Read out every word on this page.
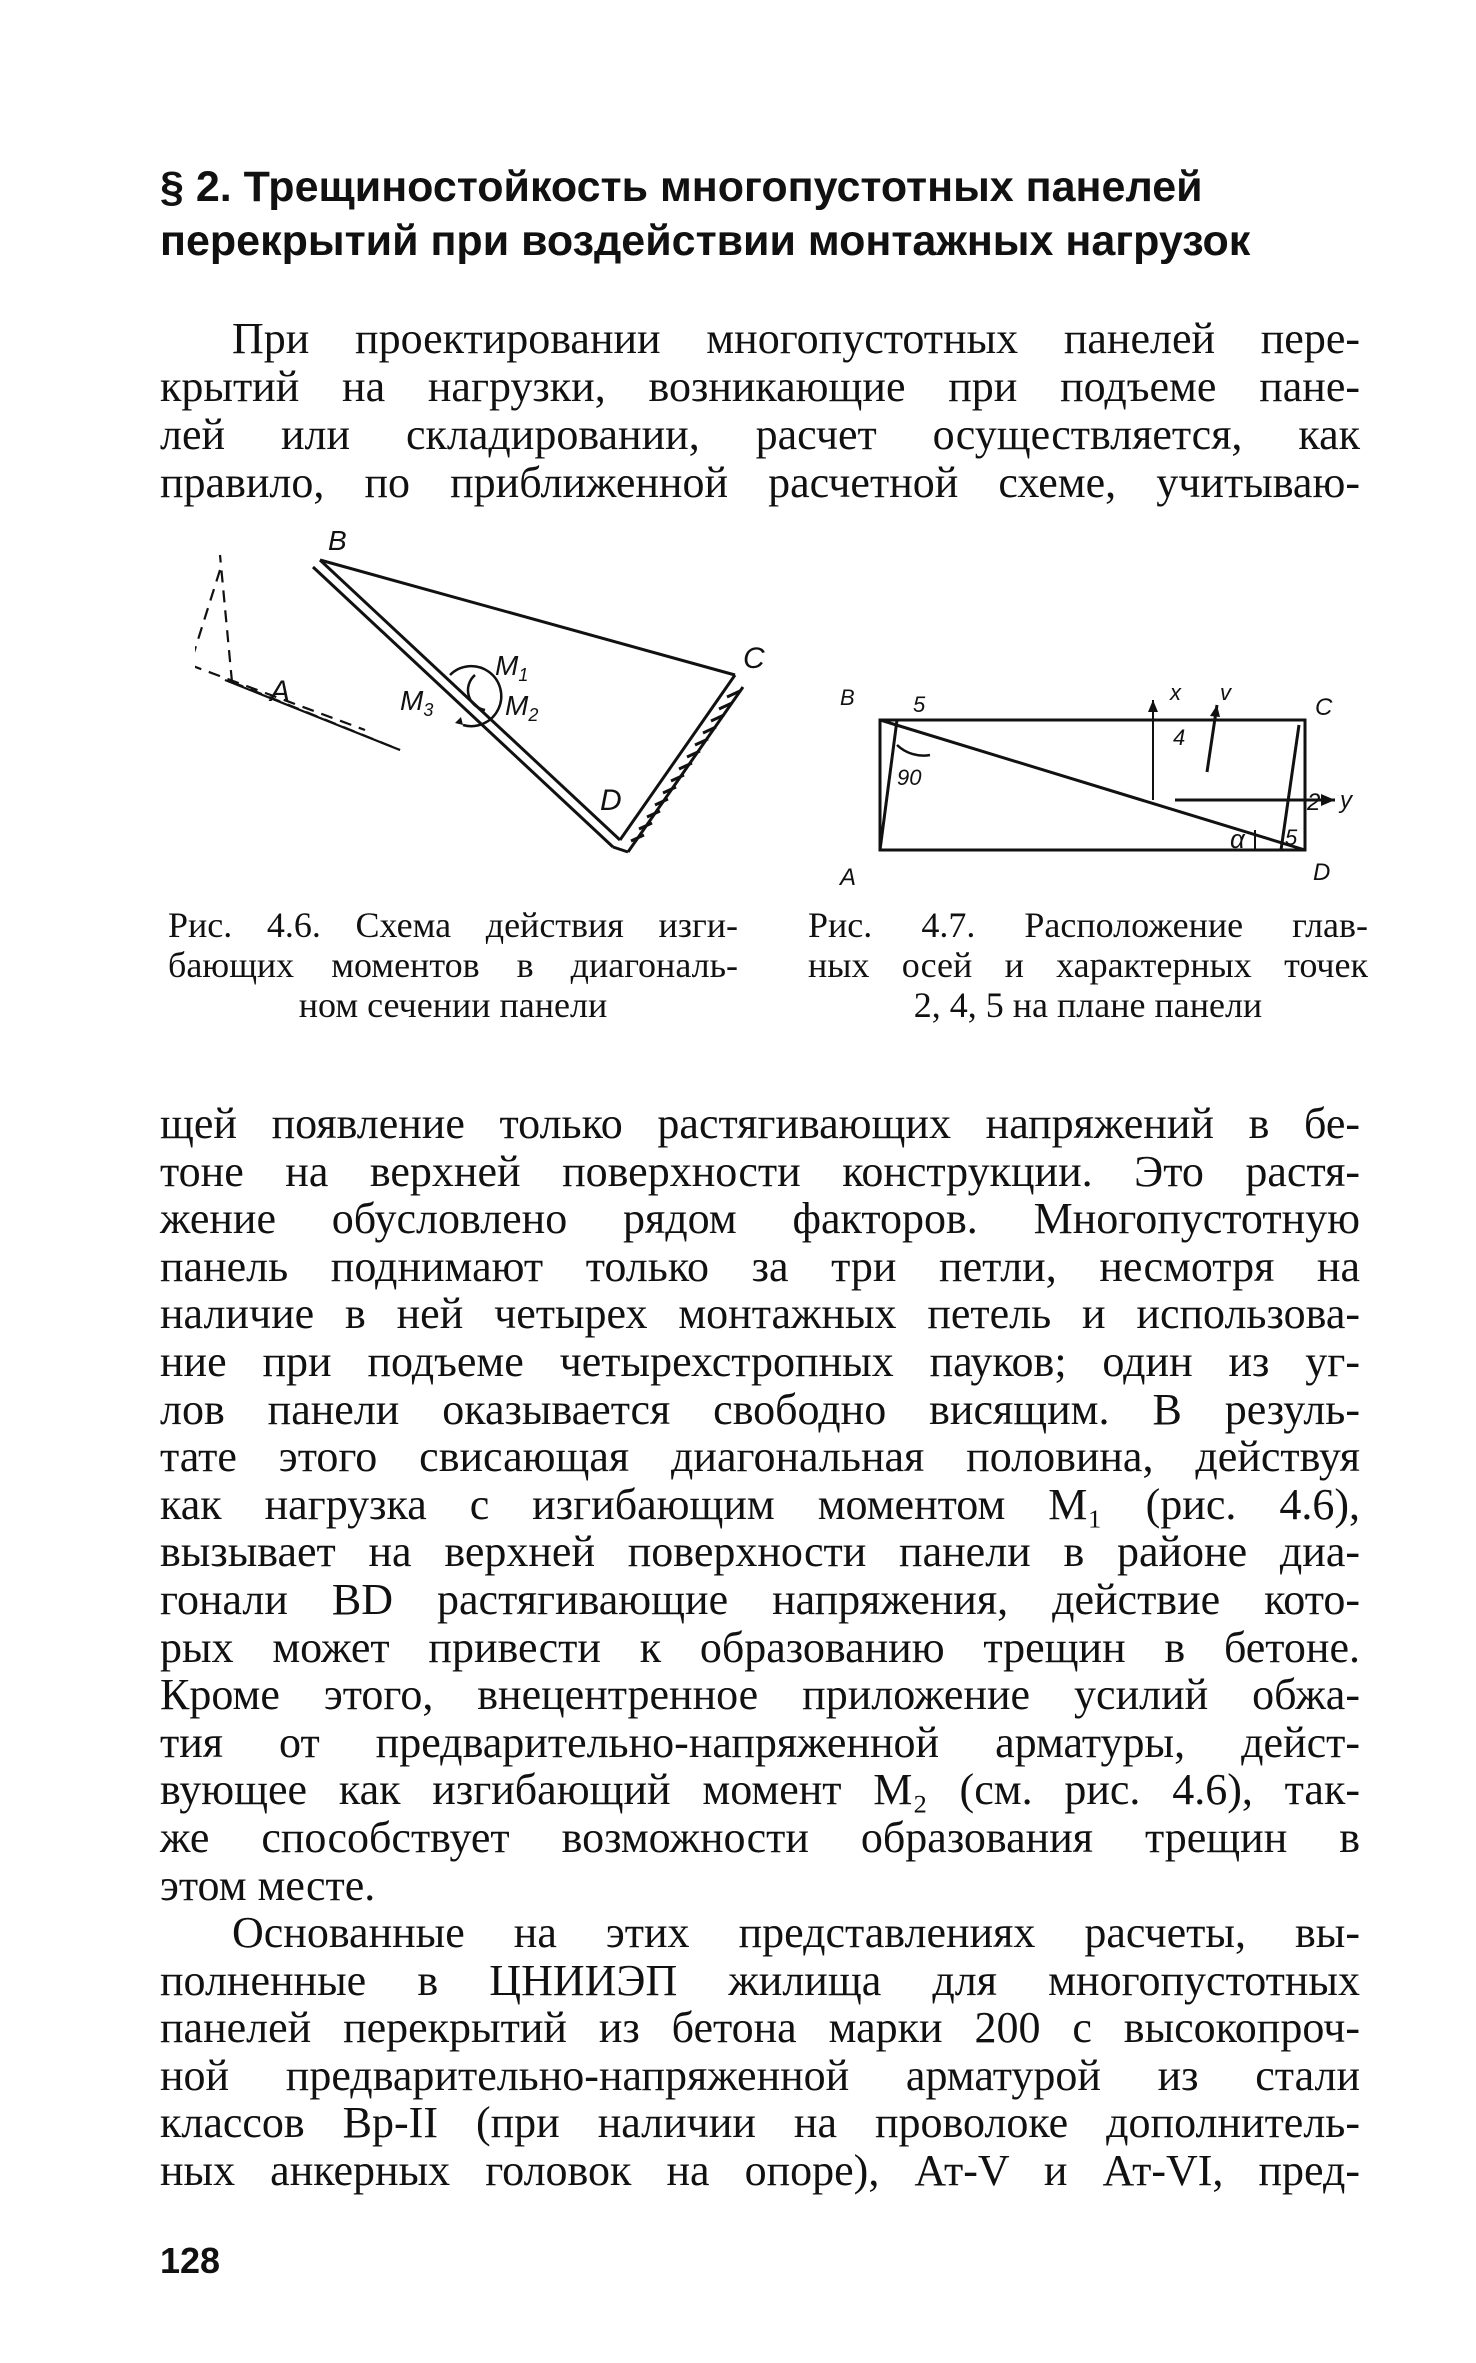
§ 2. Трещиностойкость многопустотных панелей
перекрытий при воздействии монтажных нагрузок
При проектировании многопустотных панелей пере-
крытий на нагрузки, возникающие при подъеме пане-
лей или складировании, расчет осуществляется, как
правило, по приближенной расчетной схеме, учитываю-
A
B
C
D
$M_1$
$M_2$
$M_3$	B
A
C
D
5
4
2
5
x v
y
90
α
Рис. 4.6. Схема действия изги-
бающих моментов в диагональ-
ном сечении панели
Рис. 4.7. Расположение глав-
ных осей и характерных точек
2, 4, 5 на плане панели
щей появление только растягивающих напряжений в бе-
тоне на верхней поверхности конструкции. Это растя-
жение обусловлено рядом факторов. Многопустотную
панель поднимают только за три петли, несмотря на
наличие в ней четырех монтажных петель и использова-
ние при подъеме четырехстропных пауков; один из уг-
лов панели оказывается свободно висящим. В резуль-
тате этого свисающая диагональная половина, действуя
как нагрузка с изгибающим моментом M₁ (рис. 4.6),
вызывает на верхней поверхности панели в районе диа-
гонали BD растягивающие напряжения, действие кото-
рых может привести к образованию трещин в бетоне.
Кроме этого, внецентренное приложение усилий обжа-
тия от предварительно-напряженной арматуры, дейст-
вующее как изгибающий момент M₂ (см. рис. 4.6), так-
же способствует возможности образования трещин в
этом месте.
Основанные на этих представлениях расчеты, вы-
полненные в ЦНИИЭП жилища для многопустотных
панелей перекрытий из бетона марки 200 с высокопроч-
ной предварительно-напряженной арматурой из стали
классов Вр-II (при наличии на проволоке дополнитель-
ных анкерных головок на опоре), Ат-V и Ат-VI, пред-
128
